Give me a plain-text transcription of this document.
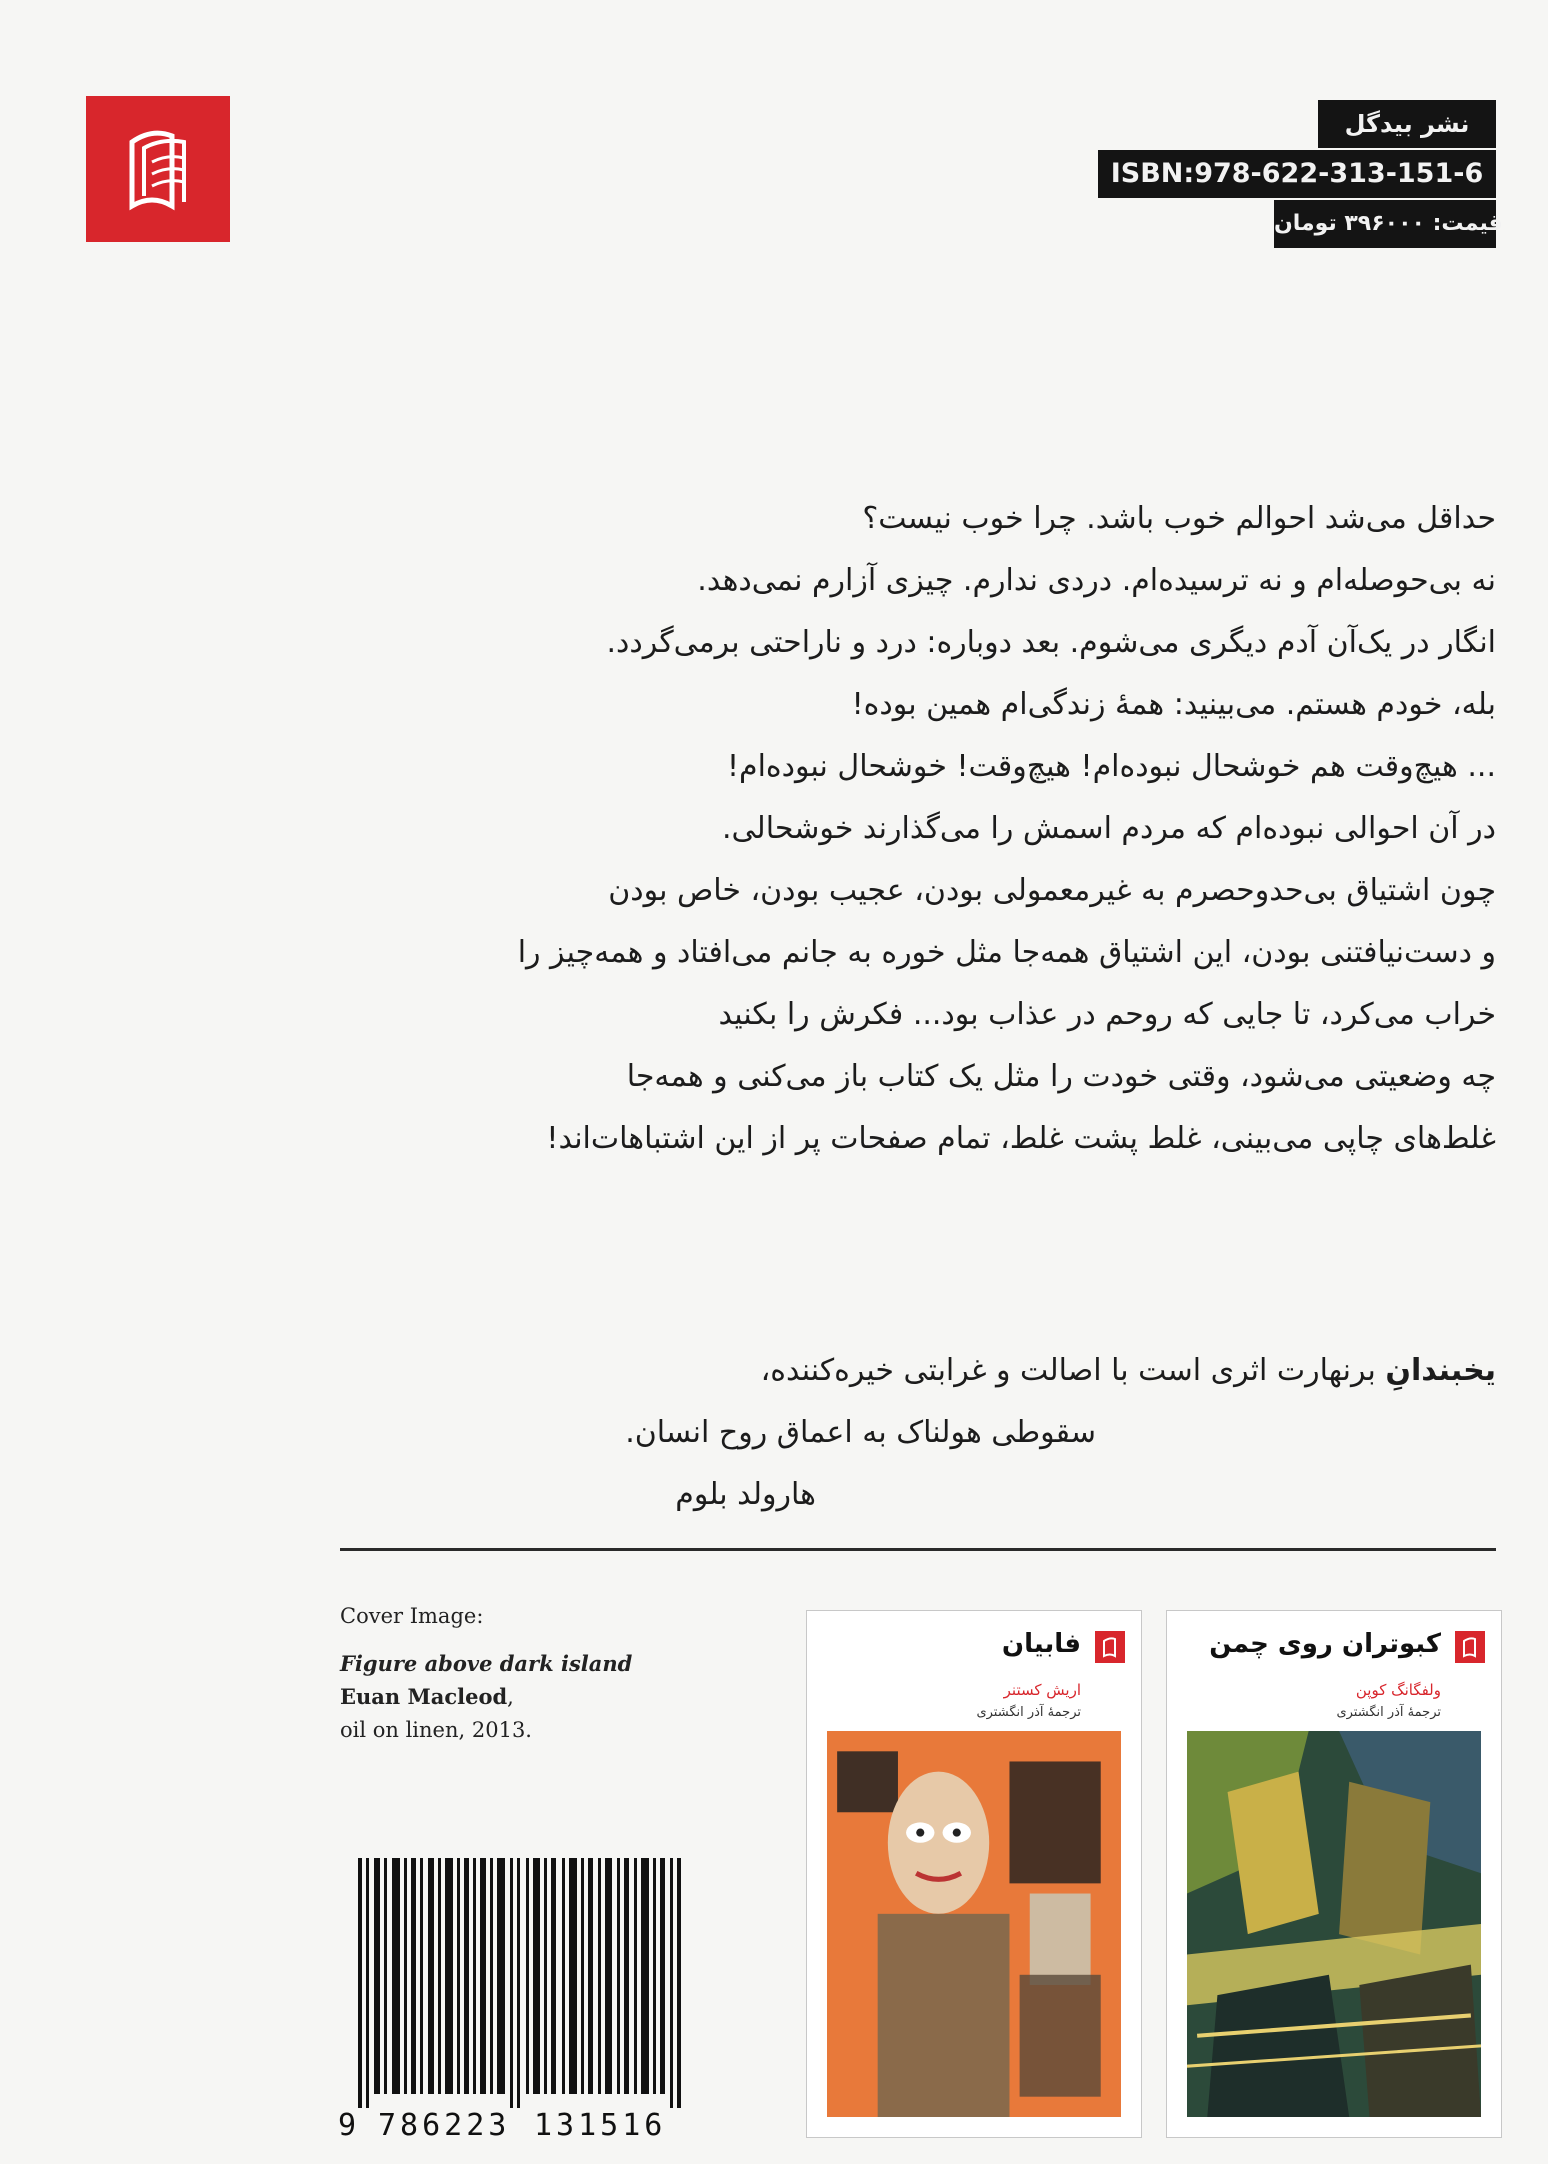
نشر بیدگل
ISBN:978-622-313-151-6
قیمت: ۳۹۶۰۰۰ تومان
حداقل می‌شد احوالم خوب باشد. چرا خوب نیست؟
نه بی‌حوصله‌ام و نه ترسیده‌ام. دردی ندارم. چیزی آزارم نمی‌دهد.
انگار در یک‌آن آدم دیگری می‌شوم. بعد دوباره: درد و ناراحتی برمی‌گردد.
بله، خودم هستم. می‌بینید: همهٔ زندگی‌ام همین بوده!
... هیچ‌وقت هم خوشحال نبوده‌ام! هیچ‌وقت! خوشحال نبوده‌ام!
در آن احوالی نبوده‌ام که مردم اسمش را می‌گذارند خوشحالی.
چون اشتیاق بی‌حدوحصرم به غیرمعمولی بودن، عجیب بودن، خاص بودن
و دست‌نیافتنی بودن، این اشتیاق همه‌جا مثل خوره به جانم می‌افتاد و همه‌چیز را
خراب می‌کرد، تا جایی که روحم در عذاب بود... فکرش را بکنید
چه وضعیتی می‌شود، وقتی خودت را مثل یک کتاب باز می‌کنی و همه‌جا
غلط‌های چاپی می‌بینی، غلط پشت غلط، تمام صفحات پر از این اشتباهات‌اند!
یخبندانِ برنهارت اثری است با اصالت و غرابتی خیره‌کننده،
سقوطی هولناک به اعماق روح انسان.
هارولد بلوم
Cover Image:
Figure above dark island
Euan Macleod,
oil on linen, 2013.
9 786223 131516
فابیان
اریش کستنر
ترجمهٔ آذر انگشتری
کبوتران روی چمن
ولفگانگ کوپن
ترجمهٔ آذر انگشتری
